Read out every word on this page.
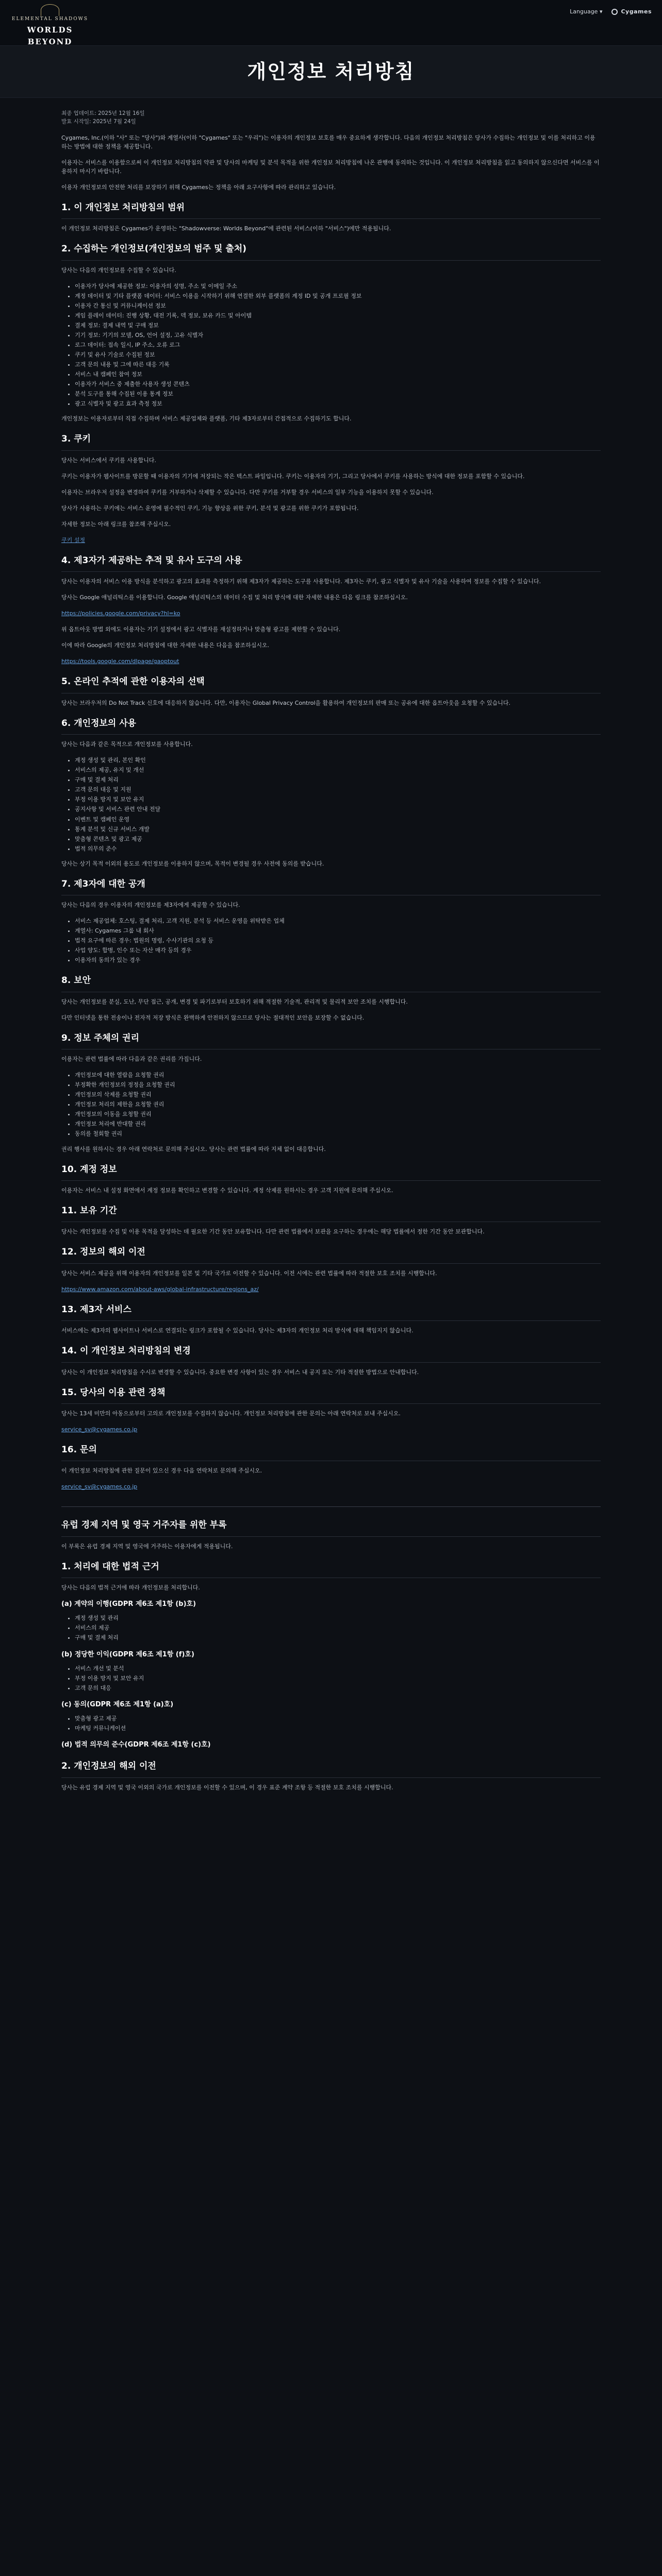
ELEMENTAL SHADOWS
WORLDS BEYOND
Language ▾	Cygames
개인정보 처리방침

최종 업데이트: 2025년 12월 16일

발효 시작일: 2025년 7월 24일

Cygames, Inc.(이하 "사" 또는 "당사")와 계열사(이하 "Cygames" 또는 "우리")는 이용자의 개인정보 보호를 매우 중요하게 생각합니다. 다음의 개인정보 처리방침은 당사가 수집하는 개인정보 및 이를 처리하고 이용하는 방법에 대한 정책을 제공합니다.

이용자는 서비스를 이용함으로써 이 개인정보 처리방침의 약관 및 당사의 마케팅 및 분석 목적을 위한 개인정보 처리방침에 나온 관행에 동의하는 것입니다. 이 개인정보 처리방침을 읽고 동의하지 않으신다면 서비스를 이용하지 마시기 바랍니다.

이용자 개인정보의 안전한 처리를 보장하기 위해 Cygames는 정책을 아래 요구사항에 따라 관리하고 있습니다.

1. 이 개인정보 처리방침의 범위

이 개인정보 처리방침은 Cygames가 운영하는 "Shadowverse: Worlds Beyond"에 관련된 서비스(이하 "서비스")에만 적용됩니다.

2. 수집하는 개인정보(개인정보의 범주 및 출처)

당사는 다음의 개인정보를 수집할 수 있습니다.

• 이용자가 당사에 제공한 정보: 이용자의 성명, 주소 및 이메일 주소
• 계정 데이터 및 기타 플랫폼 데이터: 서비스 이용을 시작하기 위해 연결한 외부 플랫폼의 계정 ID 및 공개 프로필 정보
• 이용자 간 통신 및 커뮤니케이션 정보
• 게임 플레이 데이터: 진행 상황, 대전 기록, 덱 정보, 보유 카드 및 아이템
• 결제 정보: 결제 내역 및 구매 정보
• 기기 정보: 기기의 모델, OS, 언어 설정, 고유 식별자
• 로그 데이터: 접속 일시, IP 주소, 오류 로그
• 쿠키 및 유사 기술로 수집된 정보
• 고객 문의 내용 및 그에 따른 대응 기록
• 서비스 내 캠페인 참여 정보
• 이용자가 서비스 중 제출한 사용자 생성 콘텐츠
• 분석 도구를 통해 수집된 이용 통계 정보
• 광고 식별자 및 광고 효과 측정 정보

개인정보는 이용자로부터 직접 수집하며 서비스 제공업체와 플랫폼, 기타 제3자로부터 간접적으로 수집하기도 합니다.

3. 쿠키

당사는 서비스에서 쿠키를 사용합니다.

쿠키는 이용자가 웹사이트를 방문할 때 이용자의 기기에 저장되는 작은 텍스트 파일입니다. 쿠키는 이용자의 기기, 그리고 당사에서 쿠키를 사용하는 방식에 대한 정보를 포함할 수 있습니다.

이용자는 브라우저 설정을 변경하여 쿠키를 거부하거나 삭제할 수 있습니다. 다만 쿠키를 거부할 경우 서비스의 일부 기능을 이용하지 못할 수 있습니다.

당사가 사용하는 쿠키에는 서비스 운영에 필수적인 쿠키, 기능 향상을 위한 쿠키, 분석 및 광고를 위한 쿠키가 포함됩니다.

자세한 정보는 아래 링크를 참조해 주십시오.

쿠키 설정

4. 제3자가 제공하는 추적 및 유사 도구의 사용

당사는 이용자의 서비스 이용 방식을 분석하고 광고의 효과를 측정하기 위해 제3자가 제공하는 도구를 사용합니다. 제3자는 쿠키, 광고 식별자 및 유사 기술을 사용하여 정보를 수집할 수 있습니다.

당사는 Google 애널리틱스를 이용합니다. Google 애널리틱스의 데이터 수집 및 처리 방식에 대한 자세한 내용은 다음 링크를 참조하십시오.

https://policies.google.com/privacy?hl=ko

위 옵트아웃 방법 외에도 이용자는 기기 설정에서 광고 식별자를 재설정하거나 맞춤형 광고를 제한할 수 있습니다.

이에 따라 Google의 개인정보 처리방침에 대한 자세한 내용은 다음을 참조하십시오.

https://tools.google.com/dlpage/gaoptout

5. 온라인 추적에 관한 이용자의 선택

당사는 브라우저의 Do Not Track 신호에 대응하지 않습니다. 다만, 이용자는 Global Privacy Control을 활용하여 개인정보의 판매 또는 공유에 대한 옵트아웃을 요청할 수 있습니다.

6. 개인정보의 사용

당사는 다음과 같은 목적으로 개인정보를 사용합니다.

• 계정 생성 및 관리, 본인 확인
• 서비스의 제공, 유지 및 개선
• 구매 및 결제 처리
• 고객 문의 대응 및 지원
• 부정 이용 방지 및 보안 유지
• 공지사항 및 서비스 관련 안내 전달
• 이벤트 및 캠페인 운영
• 통계 분석 및 신규 서비스 개발
• 맞춤형 콘텐츠 및 광고 제공
• 법적 의무의 준수

당사는 상기 목적 이외의 용도로 개인정보를 이용하지 않으며, 목적이 변경될 경우 사전에 동의를 받습니다.

7. 제3자에 대한 공개

당사는 다음의 경우 이용자의 개인정보를 제3자에게 제공할 수 있습니다.

• 서비스 제공업체: 호스팅, 결제 처리, 고객 지원, 분석 등 서비스 운영을 위탁받은 업체
• 계열사: Cygames 그룹 내 회사
• 법적 요구에 따른 경우: 법원의 명령, 수사기관의 요청 등
• 사업 양도: 합병, 인수 또는 자산 매각 등의 경우
• 이용자의 동의가 있는 경우
8. 보안

당사는 개인정보를 분실, 도난, 무단 접근, 공개, 변경 및 파기로부터 보호하기 위해 적절한 기술적, 관리적 및 물리적 보안 조치를 시행합니다.

다만 인터넷을 통한 전송이나 전자적 저장 방식은 완벽하게 안전하지 않으므로 당사는 절대적인 보안을 보장할 수 없습니다.

9. 정보 주체의 권리

이용자는 관련 법률에 따라 다음과 같은 권리를 가집니다.

• 개인정보에 대한 열람을 요청할 권리
• 부정확한 개인정보의 정정을 요청할 권리
• 개인정보의 삭제를 요청할 권리
• 개인정보 처리의 제한을 요청할 권리
• 개인정보의 이동을 요청할 권리
• 개인정보 처리에 반대할 권리
• 동의를 철회할 권리

권리 행사를 원하시는 경우 아래 연락처로 문의해 주십시오. 당사는 관련 법률에 따라 지체 없이 대응합니다.

10. 계정 정보

이용자는 서비스 내 설정 화면에서 계정 정보를 확인하고 변경할 수 있습니다. 계정 삭제를 원하시는 경우 고객 지원에 문의해 주십시오.

11. 보유 기간

당사는 개인정보를 수집 및 이용 목적을 달성하는 데 필요한 기간 동안 보유합니다. 다만 관련 법률에서 보관을 요구하는 경우에는 해당 법률에서 정한 기간 동안 보관합니다.

12. 정보의 해외 이전

당사는 서비스 제공을 위해 이용자의 개인정보를 일본 및 기타 국가로 이전할 수 있습니다. 이전 시에는 관련 법률에 따라 적절한 보호 조치를 시행합니다.

https://www.amazon.com/about-aws/global-infrastructure/regions_az/

13. 제3자 서비스

서비스에는 제3자의 웹사이트나 서비스로 연결되는 링크가 포함될 수 있습니다. 당사는 제3자의 개인정보 처리 방식에 대해 책임지지 않습니다.

14. 이 개인정보 처리방침의 변경

당사는 이 개인정보 처리방침을 수시로 변경할 수 있습니다. 중요한 변경 사항이 있는 경우 서비스 내 공지 또는 기타 적절한 방법으로 안내합니다.

15. 당사의 이용 관련 정책

당사는 13세 미만의 아동으로부터 고의로 개인정보를 수집하지 않습니다. 개인정보 처리방침에 관한 문의는 아래 연락처로 보내 주십시오.

service_sv@cygames.co.jp

16. 문의

이 개인정보 처리방침에 관한 질문이 있으신 경우 다음 연락처로 문의해 주십시오.

service_sv@cygames.co.jp

유럽 경제 지역 및 영국 거주자를 위한 부록

이 부록은 유럽 경제 지역 및 영국에 거주하는 이용자에게 적용됩니다.

1. 처리에 대한 법적 근거

당사는 다음의 법적 근거에 따라 개인정보를 처리합니다.

(a) 계약의 이행(GDPR 제6조 제1항 (b)호)
• 계정 생성 및 관리
• 서비스의 제공
• 구매 및 결제 처리
(b) 정당한 이익(GDPR 제6조 제1항 (f)호)
• 서비스 개선 및 분석
• 부정 이용 방지 및 보안 유지
• 고객 문의 대응
(c) 동의(GDPR 제6조 제1항 (a)호)
• 맞춤형 광고 제공
• 마케팅 커뮤니케이션
(d) 법적 의무의 준수(GDPR 제6조 제1항 (c)호)
2. 개인정보의 해외 이전

당사는 유럽 경제 지역 및 영국 이외의 국가로 개인정보를 이전할 수 있으며, 이 경우 표준 계약 조항 등 적절한 보호 조치를 시행합니다.
